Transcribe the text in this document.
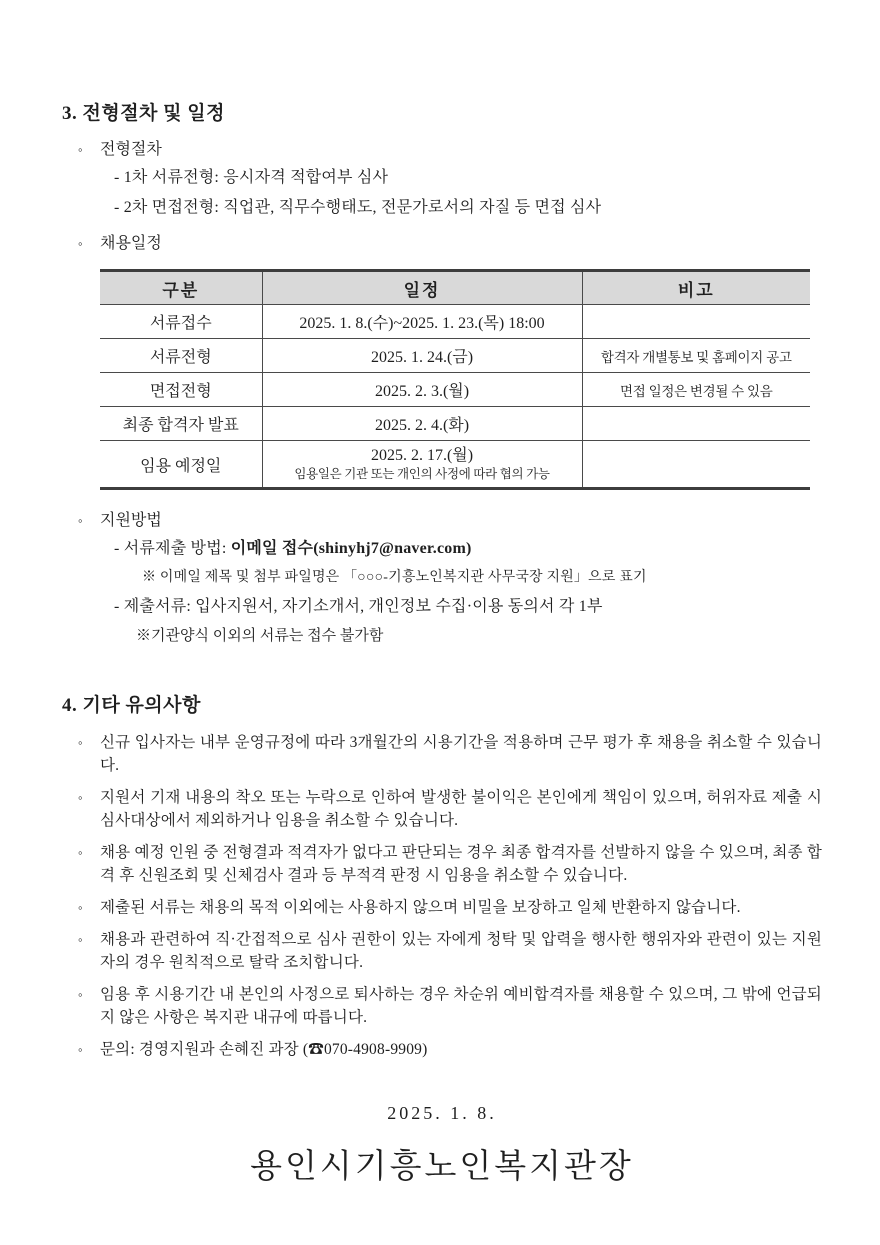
3. 전형절차 및 일정
◦	전형절차
- 1차 서류전형: 응시자격 적합여부 심사
- 2차 면접전형: 직업관, 직무수행태도, 전문가로서의 자질 등 면접 심사
◦	채용일정
구분	일정	비고
서류접수	2025. 1. 8.(수)~2025. 1. 23.(목) 18:00	
서류전형	2025. 1. 24.(금)	합격자 개별통보 및 홈페이지 공고
면접전형	2025. 2. 3.(월)	면접 일정은 변경될 수 있음
최종 합격자 발표	2025. 2. 4.(화)	
임용 예정일	2025. 2. 17.(월)
임용일은 기관 또는 개인의 사정에 따라 협의 가능	

◦	지원방법
- 서류제출 방법: 이메일 접수(shinyhj7@naver.com)
※ 이메일 제목 및 첨부 파일명은 「○○○-기흥노인복지관 사무국장 지원」으로 표기
- 제출서류: 입사지원서, 자기소개서, 개인정보 수집·이용 동의서 각 1부
※기관양식 이외의 서류는 접수 불가함
4. 기타 유의사항
◦	신규 입사자는 내부 운영규정에 따라 3개월간의 시용기간을 적용하며 근무 평가 후 채용을 취소할 수 있습니다.
◦	지원서 기재 내용의 착오 또는 누락으로 인하여 발생한 불이익은 본인에게 책임이 있으며, 허위자료 제출 시 심사대상에서 제외하거나 임용을 취소할 수 있습니다.
◦	채용 예정 인원 중 전형결과 적격자가 없다고 판단되는 경우 최종 합격자를 선발하지 않을 수 있으며, 최종 합격 후 신원조회 및 신체검사 결과 등 부적격 판정 시 임용을 취소할 수 있습니다.
◦	제출된 서류는 채용의 목적 이외에는 사용하지 않으며 비밀을 보장하고 일체 반환하지 않습니다.
◦	채용과 관련하여 직·간접적으로 심사 권한이 있는 자에게 청탁 및 압력을 행사한 행위자와 관련이 있는 지원자의 경우 원칙적으로 탈락 조치합니다.
◦	임용 후 시용기간 내 본인의 사정으로 퇴사하는 경우 차순위 예비합격자를 채용할 수 있으며, 그 밖에 언급되지 않은 사항은 복지관 내규에 따릅니다.
◦	문의: 경영지원과 손혜진 과장 (☎070-4908-9909)
2025. 1. 8.
용인시기흥노인복지관장
